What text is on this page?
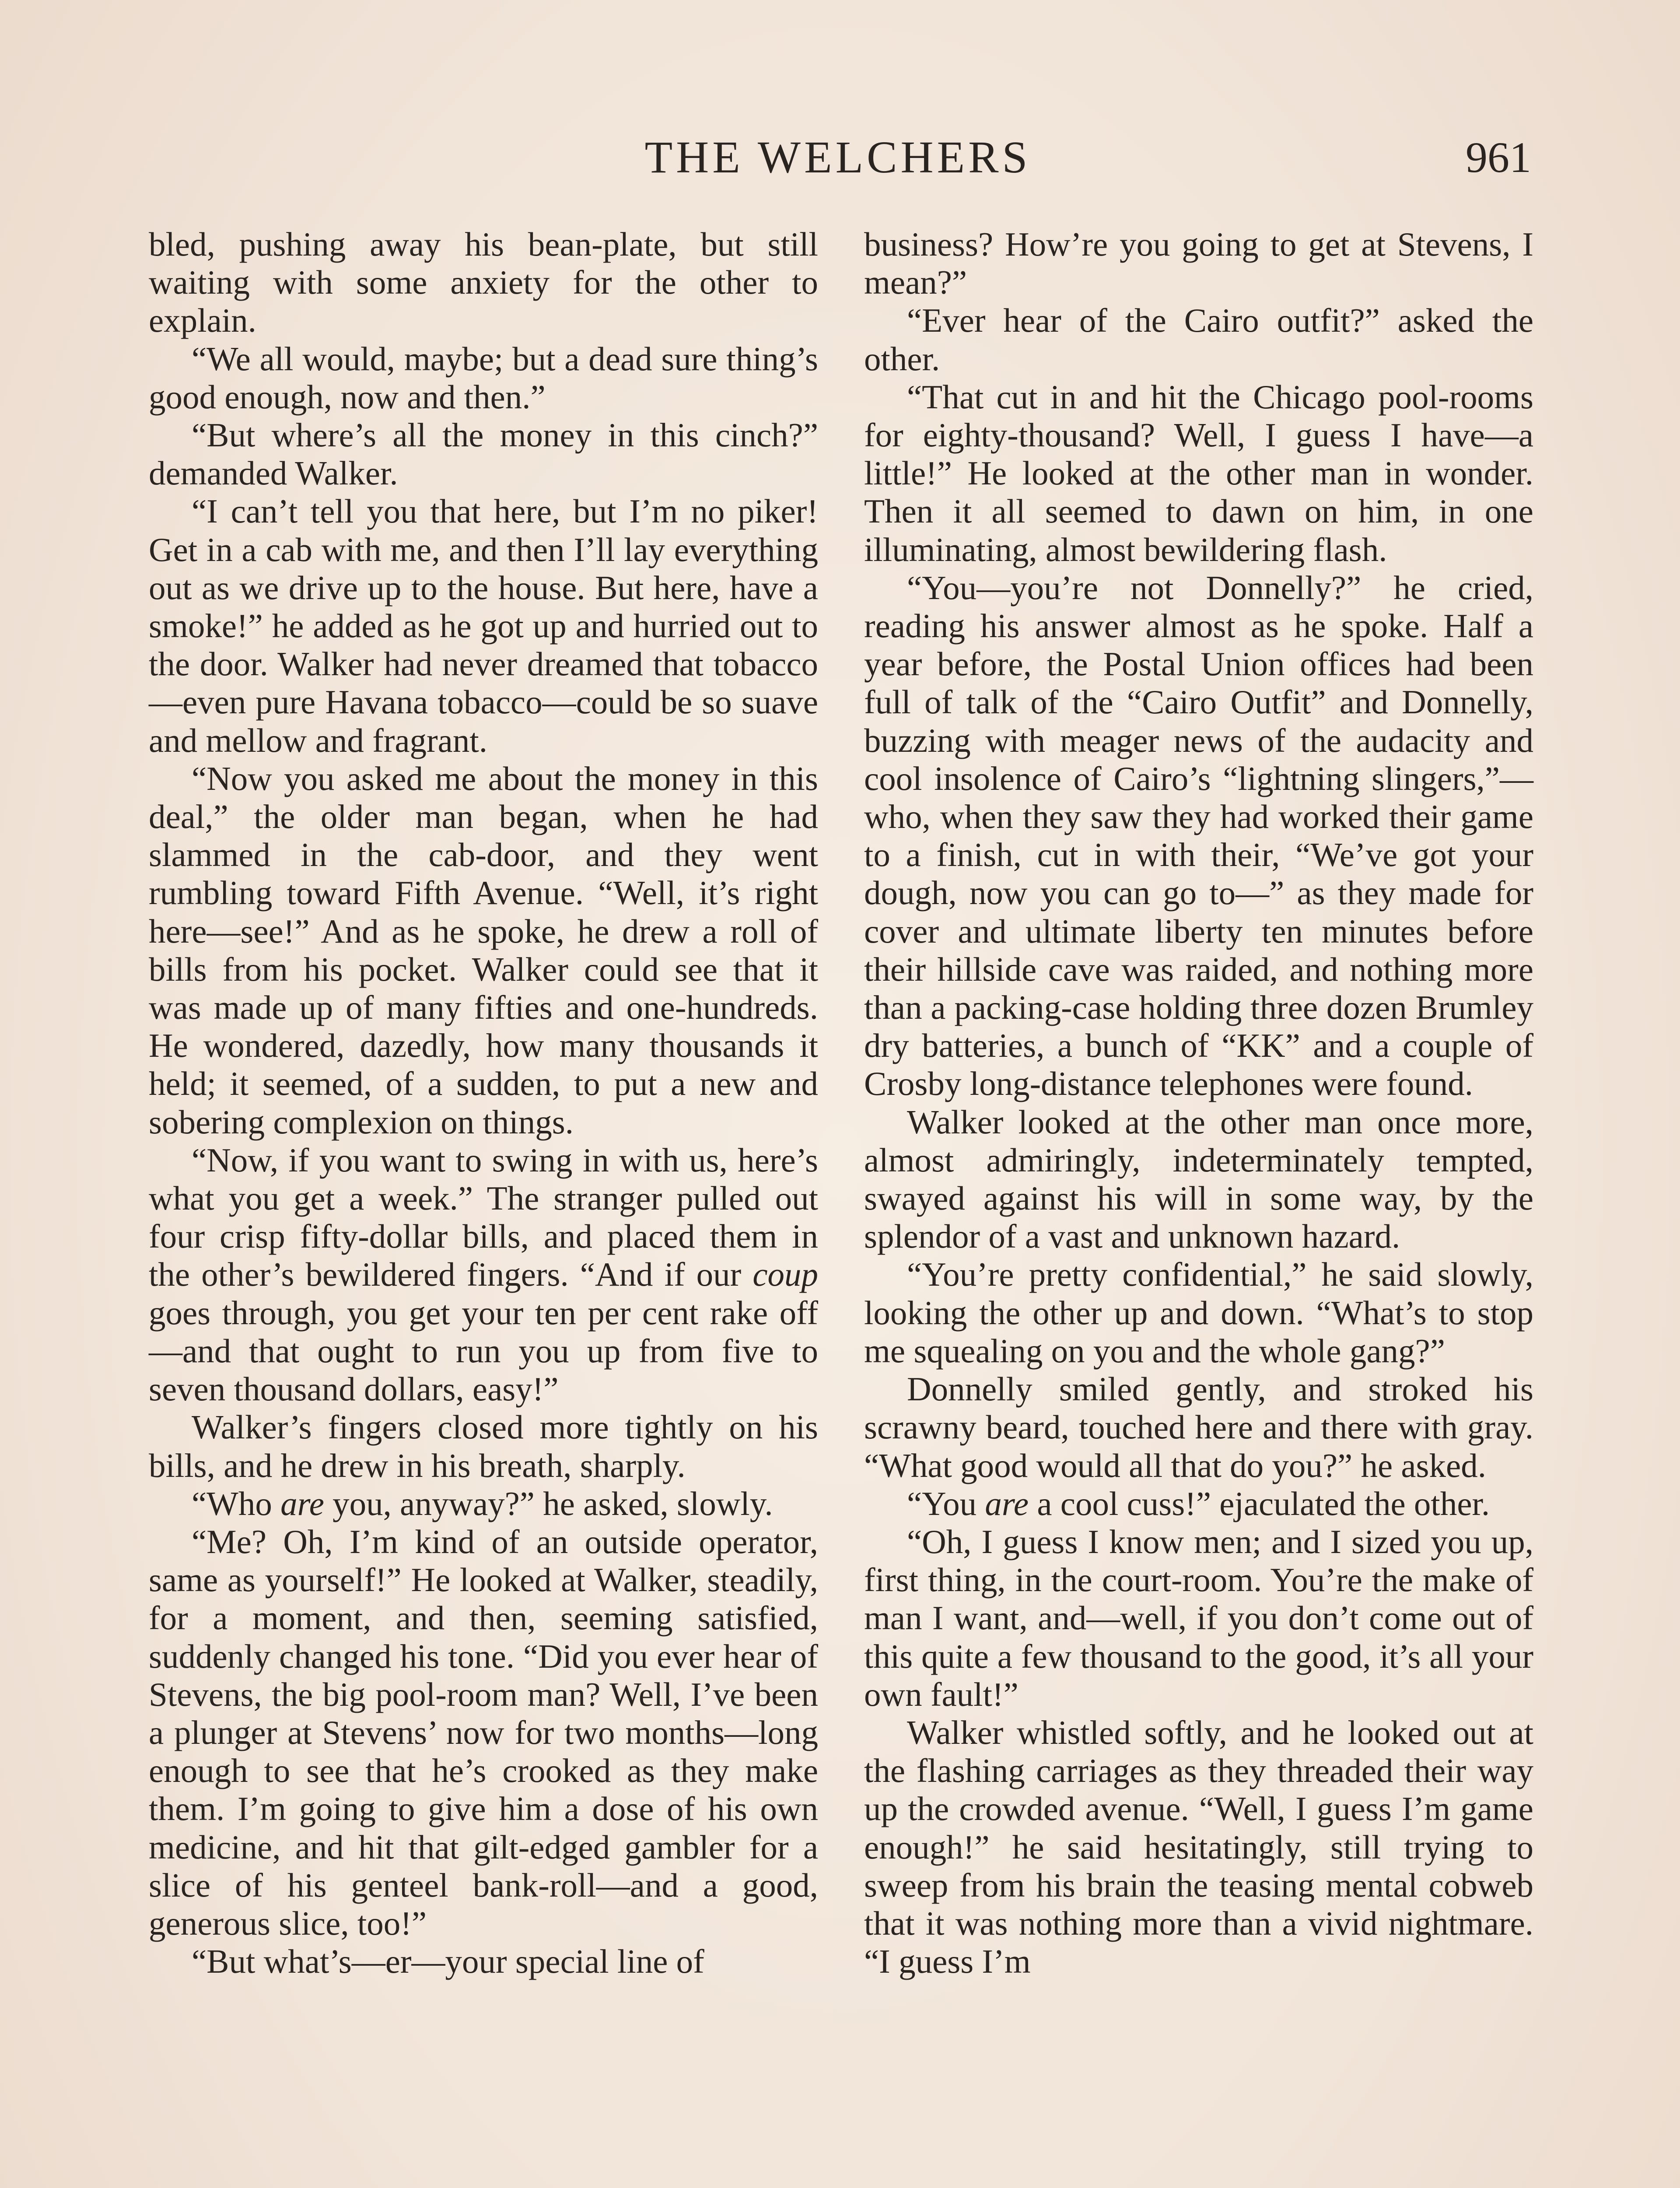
THE WELCHERS	961

bled, pushing away his bean-plate, but still waiting with some anxiety for the other to explain.

“We all would, maybe; but a dead sure thing’s good enough, now and then.”

“But where’s all the money in this cinch?” demanded Walker.

“I can’t tell you that here, but I’m no piker! Get in a cab with me, and then I’ll lay everything out as we drive up to the house. But here, have a smoke!” he added as he got up and hurried out to the door. Walker had never dreamed that tobacco—even pure Havana tobacco—could be so suave and mellow and fragrant.

“Now you asked me about the money in this deal,” the older man began, when he had slammed in the cab-door, and they went rumbling toward Fifth Avenue. “Well, it’s right here—see!” And as he spoke, he drew a roll of bills from his pocket. Walker could see that it was made up of many fifties and one-hundreds. He wondered, dazedly, how many thousands it held; it seemed, of a sudden, to put a new and sobering complexion on things.

“Now, if you want to swing in with us, here’s what you get a week.” The stranger pulled out four crisp fifty-dollar bills, and placed them in the other’s bewildered fingers. “And if our coup goes through, you get your ten per cent rake off—and that ought to run you up from five to seven thousand dollars, easy!”

Walker’s fingers closed more tightly on his bills, and he drew in his breath, sharply.

“Who are you, anyway?” he asked, slowly.

“Me? Oh, I’m kind of an outside operator, same as yourself!” He looked at Walker, steadily, for a moment, and then, seeming satisfied, suddenly changed his tone. “Did you ever hear of Stevens, the big pool-room man? Well, I’ve been a plunger at Stevens’ now for two months—long enough to see that he’s crooked as they make them. I’m going to give him a dose of his own medicine, and hit that gilt-edged gambler for a slice of his genteel bank-roll—and a good, generous slice, too!”

“But what’s—er—your special line of

business? How’re you going to get at Stevens, I mean?”

“Ever hear of the Cairo outfit?” asked the other.

“That cut in and hit the Chicago pool-rooms for eighty-thousand? Well, I guess I have—a little!” He looked at the other man in wonder. Then it all seemed to dawn on him, in one illuminating, almost bewildering flash.

“You—you’re not Donnelly?” he cried, reading his answer almost as he spoke. Half a year before, the Postal Union offices had been full of talk of the “Cairo Outfit” and Donnelly, buzzing with meager news of the audacity and cool insolence of Cairo’s “lightning slingers,”—who, when they saw they had worked their game to a finish, cut in with their, “We’ve got your dough, now you can go to—” as they made for cover and ultimate liberty ten minutes before their hillside cave was raided, and nothing more than a packing-case holding three dozen Brumley dry batteries, a bunch of “KK” and a couple of Crosby long-distance telephones were found.

Walker looked at the other man once more, almost admiringly, indeterminately tempted, swayed against his will in some way, by the splendor of a vast and unknown hazard.

“You’re pretty confidential,” he said slowly, looking the other up and down. “What’s to stop me squealing on you and the whole gang?”

Donnelly smiled gently, and stroked his scrawny beard, touched here and there with gray. “What good would all that do you?” he asked.

“You are a cool cuss!” ejaculated the other.

“Oh, I guess I know men; and I sized you up, first thing, in the court-room. You’re the make of man I want, and—well, if you don’t come out of this quite a few thousand to the good, it’s all your own fault!”

Walker whistled softly, and he looked out at the flashing carriages as they threaded their way up the crowded avenue. “Well, I guess I’m game enough!” he said hesitatingly, still trying to sweep from his brain the teasing mental cobweb that it was nothing more than a vivid nightmare. “I guess I’m
